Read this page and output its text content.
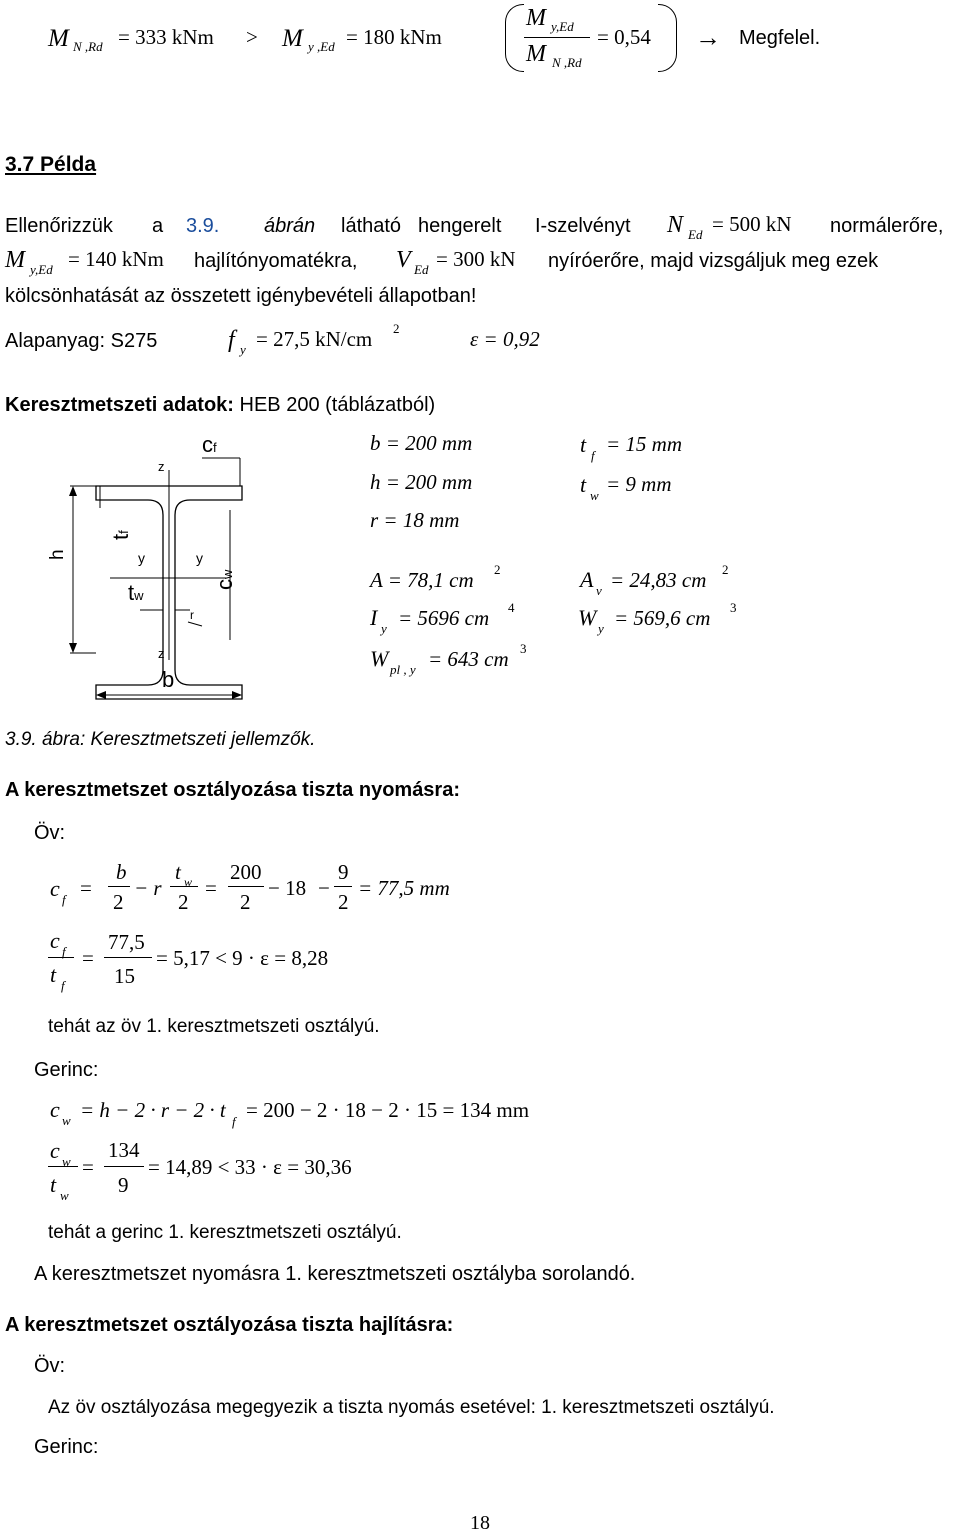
M N ,Rd = 333 kNm > M y ,Ed = 180 kNm
M y,Ed
M N ,Rd
= 0,54 → Megfelel.
3.7 Példa
Ellenőrizzük a 3.9. ábrán látható hengerelt I-szelvényt N Ed = 500 kN normálerőre,
M y,Ed = 140 kNm hajlítónyomatékra, V Ed = 300 kN nyíróerőre, majd vizsgáljuk meg ezek
kölcsönhatását az összetett igénybevételi állapotban!
Alapanyag: S275	f y = 27,5 kN/cm 2	ε = 0,92
Keresztmetszeti adatok: HEB 200 (táblázatból)
h
z
cf
tf
y	y
tw
cw
r
z
b
b = 200 mm
h = 200 mm
r = 18 mm
t f = 15 mm
t w = 9 mm
A = 78,1 cm 2	A v = 24,83 cm 2
I y = 5696 cm 4	W y = 569,6 cm 3
W pl , y = 643 cm 3
3.9. ábra: Keresztmetszeti jellemzők.
A keresztmetszet osztályozása tiszta nyomásra:
Öv:
c f =
b
2
− r
t w
2
=
200
2
− 18 −
9
2
= 77,5 mm
c f
t f
=
77,5
15
= 5,17 < 9 · ε = 8,28
tehát az öv 1. keresztmetszeti osztályú.
Gerinc:
c w = h − 2 · r − 2 · t f = 200 − 2 · 18 − 2 · 15 = 134 mm
c w
t w
=
134
9
= 14,89 < 33 · ε = 30,36
tehát a gerinc 1. keresztmetszeti osztályú.
A keresztmetszet nyomásra 1. keresztmetszeti osztályba sorolandó.
A keresztmetszet osztályozása tiszta hajlításra:
Öv:
Az öv osztályozása megegyezik a tiszta nyomás esetével: 1. keresztmetszeti osztályú.
Gerinc:
18
